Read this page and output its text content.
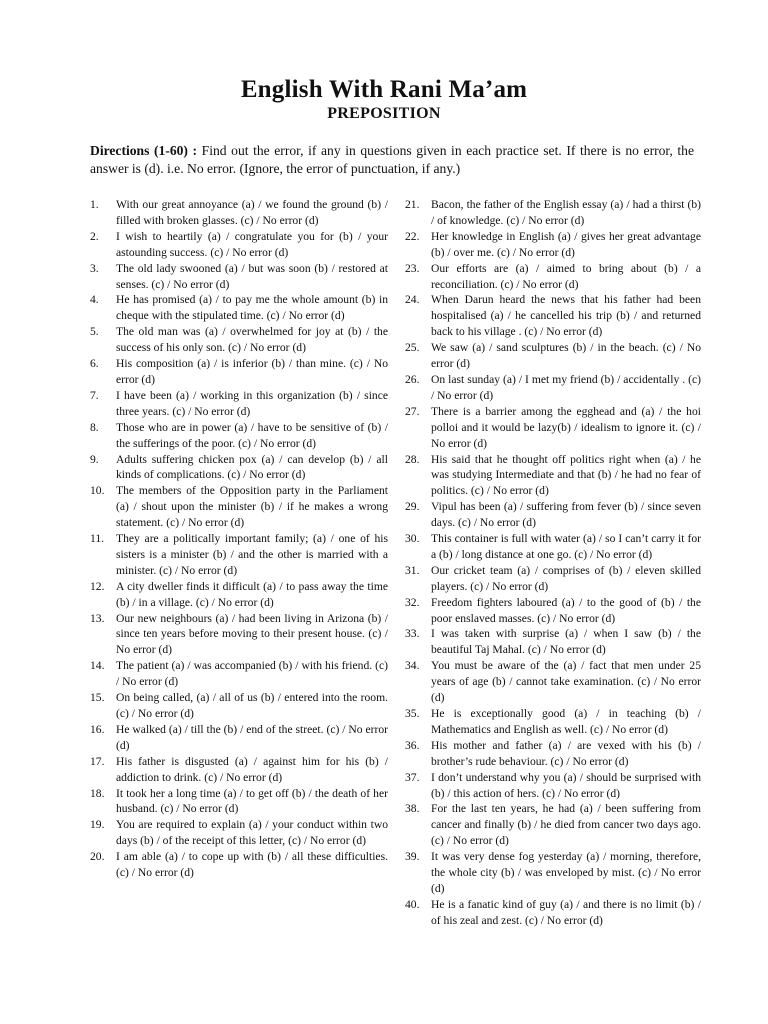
English With Rani Ma’am
PREPOSITION
Directions (1-60) : Find out the error, if any in questions given in each practice set. If there is no error, the answer is (d). i.e. No error. (Ignore, the error of punctuation, if any.)
1.	With our great annoyance (a) / we found the ground (b) / filled with broken glasses. (c) / No error (d)
2.	I wish to heartily (a) / congratulate you for (b) / your astounding success. (c) / No error (d)
3.	The old lady swooned (a) / but was soon (b) / restored at senses. (c) / No error (d)
4.	He has promised (a) / to pay me the whole amount (b) in cheque with the stipulated time. (c) / No error (d)
5.	The old man was (a) / overwhelmed for joy at (b) / the success of his only son. (c) / No error (d)
6.	His composition (a) / is inferior (b) / than mine. (c) / No error (d)
7.	I have been (a) / working in this organization (b) / since three years. (c) / No error (d)
8.	Those who are in power (a) / have to be sensitive of (b) / the sufferings of the poor. (c) / No error (d)
9.	Adults suffering chicken pox (a) / can develop (b) / all kinds of complications. (c) / No error (d)
10. The members of the Opposition party in the Parliament (a) / shout upon the minister (b) / if he makes a wrong statement. (c) / No error (d)
11.	They are a politically important family; (a) / one of his sisters is a minister (b) / and the other is married with a minister. (c) / No error (d)
12. A city dweller finds it difficult (a) / to pass away the time (b) / in a village. (c) / No error (d)
13. Our new neighbours (a) / had been living in Arizona (b) / since ten years before moving to their present house. (c) / No error (d)
14. The patient (a) / was accompanied (b) / with his friend. (c) / No error (d)
15. On being called, (a) / all of us (b) / entered into the room. (c) / No error (d)
16. He walked (a) / till the (b) / end of the street. (c) / No error (d)
17. His father is disgusted (a) / against him for his (b) / addiction to drink. (c) / No error (d)
18. It took her a long time (a) / to get off (b) / the death of her husband. (c) / No error (d)
19. You are required to explain (a) / your conduct within two days (b) / of the receipt of this letter, (c) / No error (d)
20. I am able (a) / to cope up with (b) / all these difficulties. (c) / No error (d)
21. Bacon, the father of the English essay (a) / had a thirst (b) / of knowledge. (c) / No error (d)
22. Her knowledge in English (a) / gives her great advantage (b) / over me. (c) / No error (d)
23. Our efforts are (a) / aimed to bring about (b) / a reconciliation. (c) / No error (d)
24. When Darun heard the news that his father had been hospitalised (a) / he cancelled his trip (b) / and returned back to his village . (c) / No error (d)
25. We saw (a) / sand sculptures (b) / in the beach. (c) / No error (d)
26. On last sunday (a) / I met my friend (b) / accidentally . (c) / No error (d)
27. There is a barrier among the egghead and (a) / the hoi polloi and it would be lazy(b) / idealism to ignore it. (c) / No error (d)
28. His said that he thought off politics right when (a) / he was studying Intermediate and that (b) / he had no fear of politics. (c) / No error (d)
29. Vipul has been (a) / suffering from fever (b) / since seven days. (c) / No error (d)
30. This container is full with water (a) / so I can’t carry it for a (b) / long distance at one go. (c) / No error (d)
31. Our cricket team (a) / comprises of (b) / eleven skilled players. (c) / No error (d)
32. Freedom fighters laboured (a) / to the good of (b) / the poor enslaved masses. (c) / No error (d)
33. I was taken with surprise (a) / when I saw (b) / the beautiful Taj Mahal. (c) / No error (d)
34. You must be aware of the (a) / fact that men under 25 years of age (b) / cannot take examination. (c) / No error (d)
35. He is exceptionally good (a) / in teaching (b) / Mathematics and English as well. (c) / No error (d)
36. His mother and father (a) / are vexed with his (b) / brother’s rude behaviour. (c) / No error (d)
37. I don’t understand why you (a) / should be surprised with (b) / this action of hers. (c) / No error (d)
38. For the last ten years, he had (a) / been suffering from cancer and finally (b) / he died from cancer two days ago. (c) / No error (d)
39. It was very dense fog yesterday (a) / morning, therefore, the whole city (b) / was enveloped by mist. (c) / No error (d)
40. He is a fanatic kind of guy (a) / and there is no limit (b) / of his zeal and zest. (c) / No error (d)
